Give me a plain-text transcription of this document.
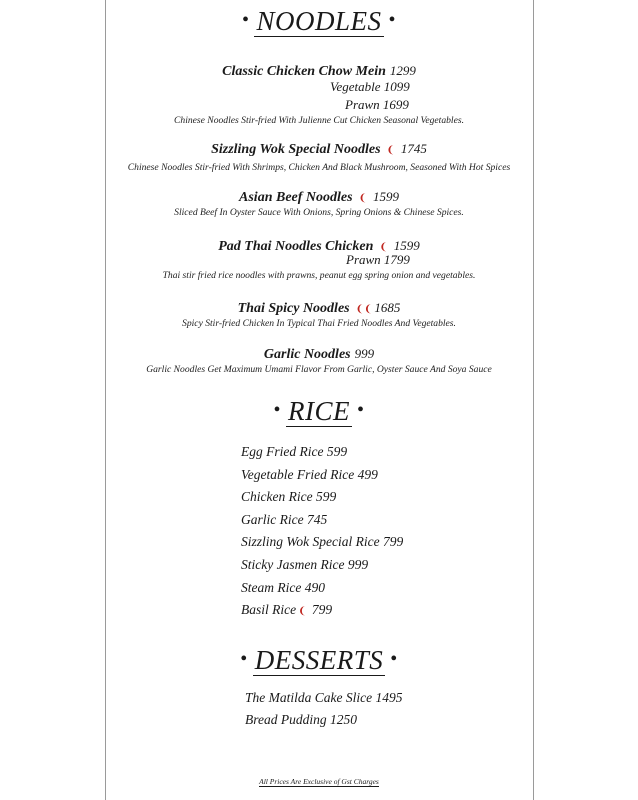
• NOODLES •
Classic Chicken Chow Mein 1299
Vegetable 1099
Prawn 1699
Chinese Noodles Stir-fried With Julienne Cut Chicken Seasonal Vegetables.
Sizzling Wok Special Noodles ❨ 1745
Chinese Noodles Stir-fried With Shrimps, Chicken And Black Mushroom, Seasoned With Hot Spices
Asian Beef Noodles ❨ 1599
Sliced Beef In Oyster Sauce With Onions, Spring Onions & Chinese Spices.
Pad Thai Noodles Chicken ❨ 1599
Prawn 1799
Thai stir fried rice noodles with prawns, peanut egg spring onion and vegetables.
Thai Spicy Noodles ❨❨ 1685
Spicy Stir-fried Chicken In Typical Thai Fried Noodles And Vegetables.
Garlic Noodles 999
Garlic Noodles Get Maximum Umami Flavor From Garlic, Oyster Sauce And Soya Sauce
• RICE •
Egg Fried Rice 599
Vegetable Fried Rice 499
Chicken Rice 599
Garlic Rice 745
Sizzling Wok Special Rice 799
Sticky Jasmen Rice 999
Steam Rice 490
Basil Rice ❨ 799
• DESSERTS •
The Matilda Cake Slice 1495
Bread Pudding 1250
All Prices Are Exclusive of Gst Charges
